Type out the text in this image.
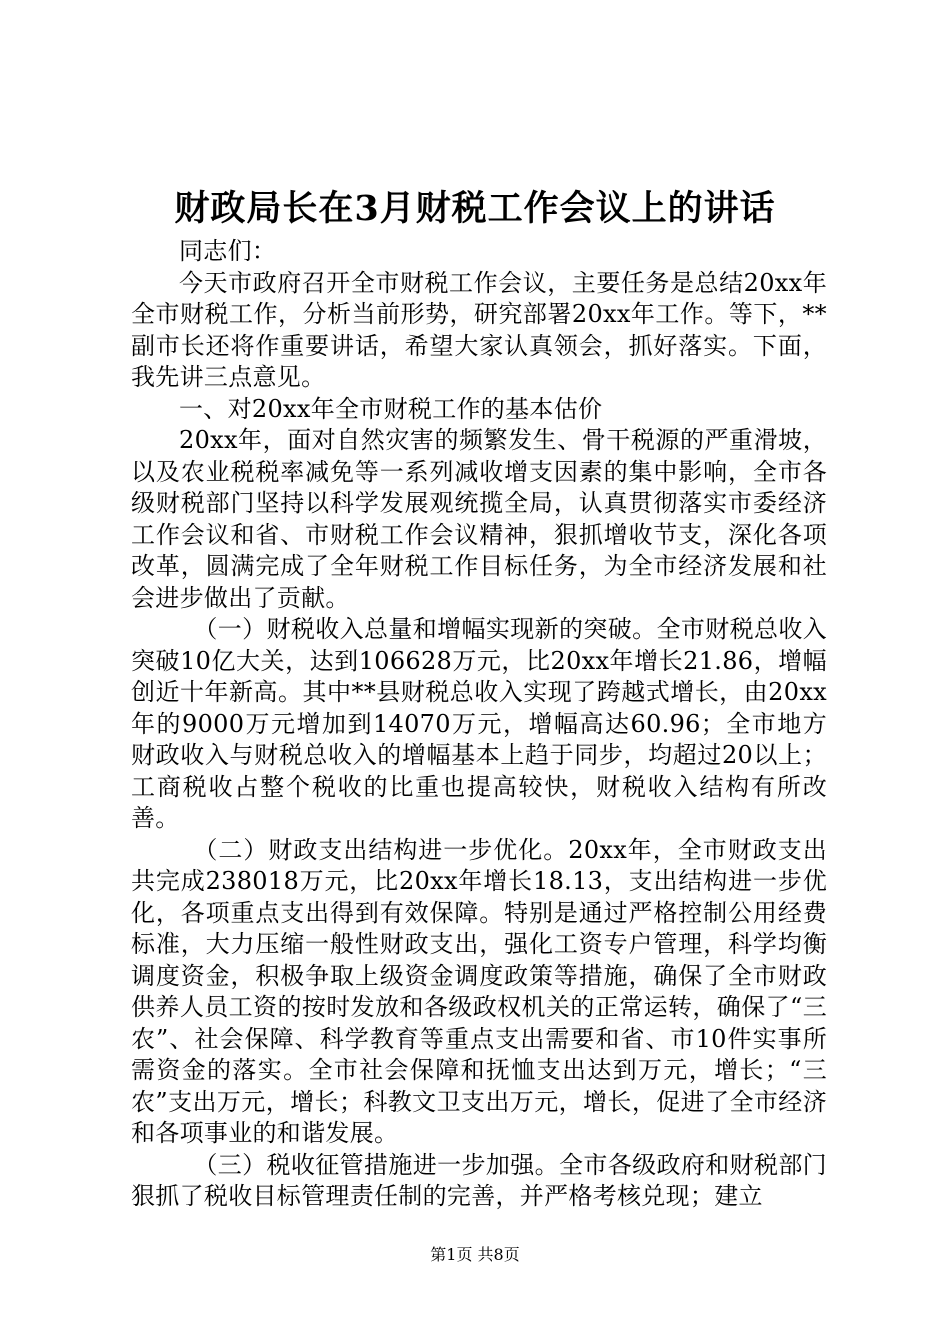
财政局长在3月财税工作会议上的讲话

同志们：

今天市政府召开全市财税工作会议，主要任务是总结20xx年全市财税工作，分析当前形势，研究部署20xx年工作。等下，**副市长还将作重要讲话，希望大家认真领会，抓好落实。下面，我先讲三点意见。

一、对20xx年全市财税工作的基本估价

20xx年，面对自然灾害的频繁发生、骨干税源的严重滑坡，以及农业税税率减免等一系列减收增支因素的集中影响，全市各级财税部门坚持以科学发展观统揽全局，认真贯彻落实市委经济工作会议和省、市财税工作会议精神，狠抓增收节支，深化各项改革，圆满完成了全年财税工作目标任务，为全市经济发展和社会进步做出了贡献。

（一）财税收入总量和增幅实现新的突破。全市财税总收入突破10亿大关，达到106628万元，比20xx年增长21.86，增幅创近十年新高。其中**县财税总收入实现了跨越式增长，由20xx年的9000万元增加到14070万元，增幅高达60.96；全市地方财政收入与财税总收入的增幅基本上趋于同步，均超过20以上；工商税收占整个税收的比重也提高较快，财税收入结构有所改善。

（二）财政支出结构进一步优化。20xx年，全市财政支出共完成238018万元，比20xx年增长18.13，支出结构进一步优化，各项重点支出得到有效保障。特别是通过严格控制公用经费标准，大力压缩一般性财政支出，强化工资专户管理，科学均衡调度资金，积极争取上级资金调度政策等措施，确保了全市财政供养人员工资的按时发放和各级政权机关的正常运转，确保了“三农”、社会保障、科学教育等重点支出需要和省、市10件实事所需资金的落实。全市社会保障和抚恤支出达到万元，增长；“三农”支出万元，增长；科教文卫支出万元，增长，促进了全市经济和各项事业的和谐发展。

（三）税收征管措施进一步加强。全市各级政府和财税部门狠抓了税收目标管理责任制的完善，并严格考核兑现；建立

第1页 共8页
